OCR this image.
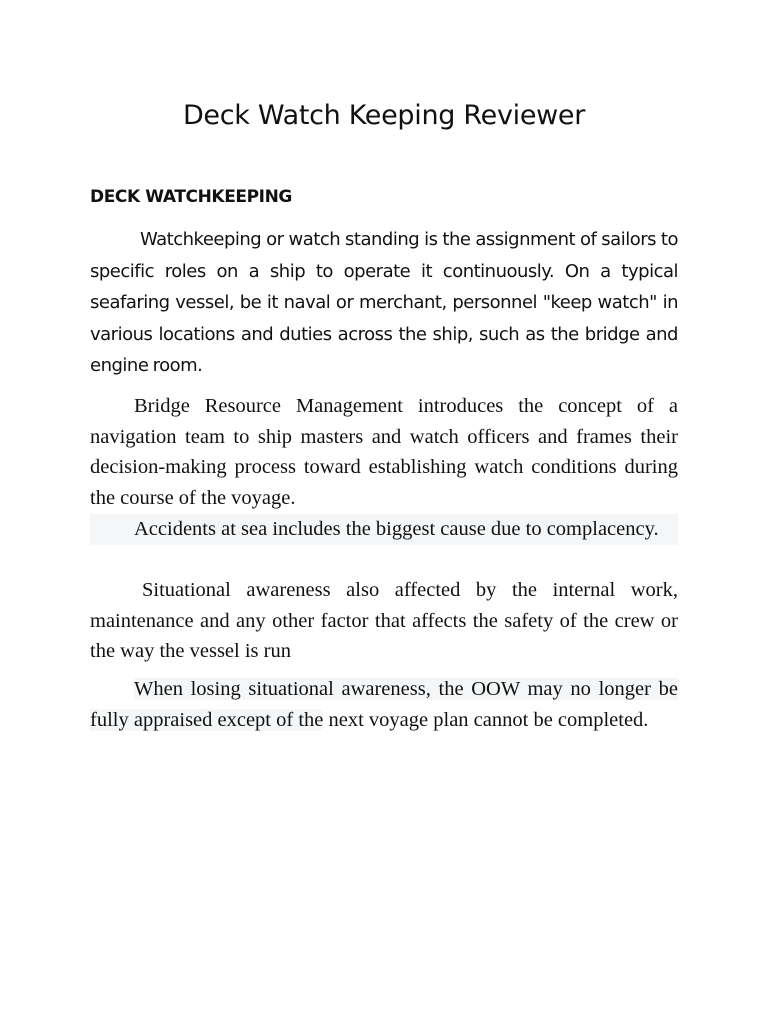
Deck Watch Keeping Reviewer
DECK WATCHKEEPING

Watchkeeping or watch standing is the assignment of sailors to specific roles on a ship to operate it continuously. On a typical seafaring vessel, be it naval or merchant, personnel "keep watch" in various locations and duties across the ship, such as the bridge and engine room.

Bridge Resource Management introduces the concept of a navigation team to ship masters and watch officers and frames their decision-making process toward establishing watch conditions during the course of the voyage.

Accidents at sea includes the biggest cause due to complacency.

Situational awareness also affected by the internal work, maintenance and any other factor that affects the safety of the crew or the way the vessel is run

When losing situational awareness, the OOW may no longer be fully appraised except of the next voyage plan cannot be completed.
